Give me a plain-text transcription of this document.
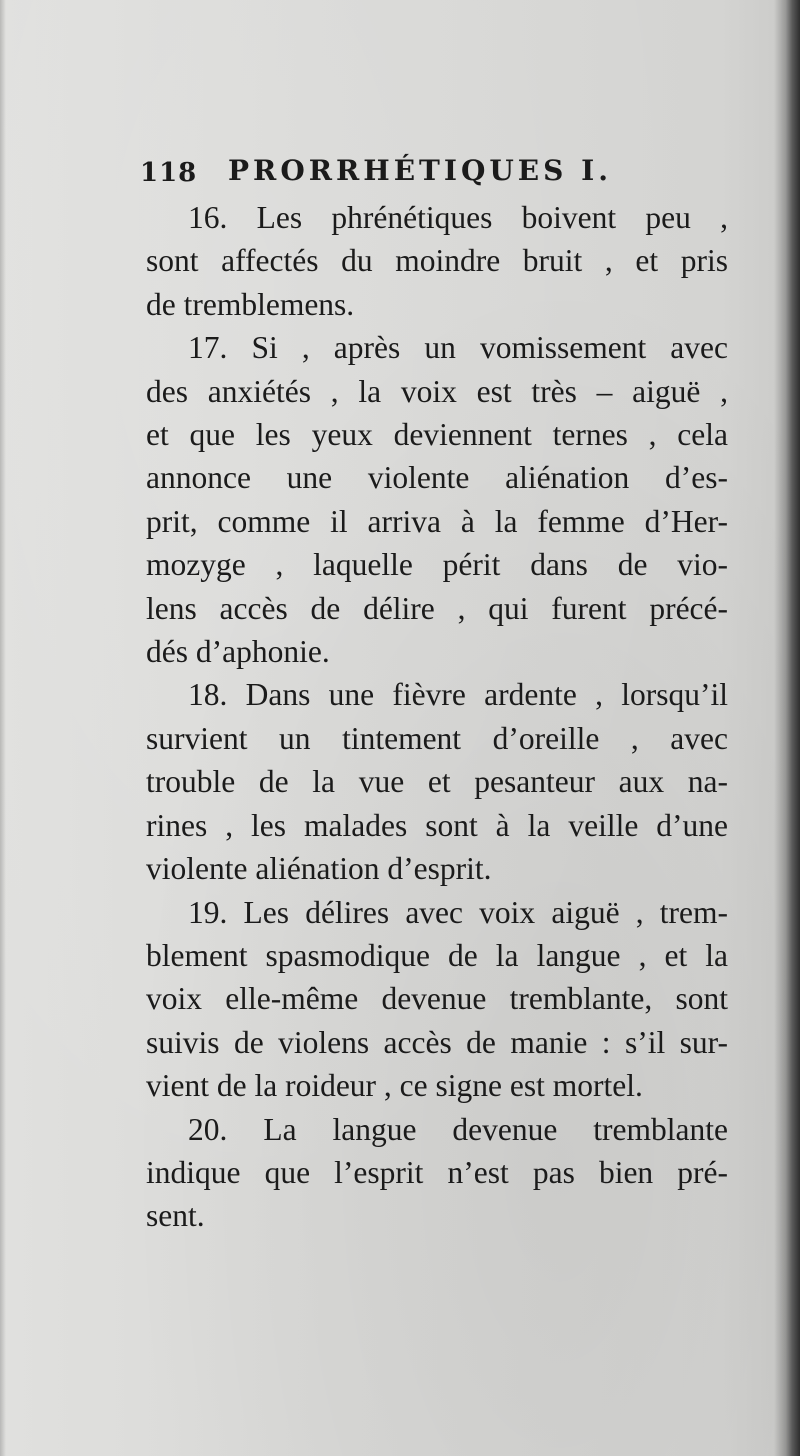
118 PRORRHÉTIQUES I.
16. Les phrénétiques boivent peu ,
sont affectés du moindre bruit , et pris
de tremblemens.
17. Si , après un vomissement avec
des anxiétés , la voix est très – aiguë ,
et que les yeux deviennent ternes , cela
annonce une violente aliénation d’es-
prit, comme il arriva à la femme d’Her-
mozyge , laquelle périt dans de vio-
lens accès de délire , qui furent précé-
dés d’aphonie.
18. Dans une fièvre ardente , lorsqu’il
survient un tintement d’oreille , avec
trouble de la vue et pesanteur aux na-
rines , les malades sont à la veille d’une
violente aliénation d’esprit.
19. Les délires avec voix aiguë , trem-
blement spasmodique de la langue , et la
voix elle-même devenue tremblante, sont
suivis de violens accès de manie : s’il sur-
vient de la roideur , ce signe est mortel.
20. La langue devenue tremblante
indique que l’esprit n’est pas bien pré-
sent.
